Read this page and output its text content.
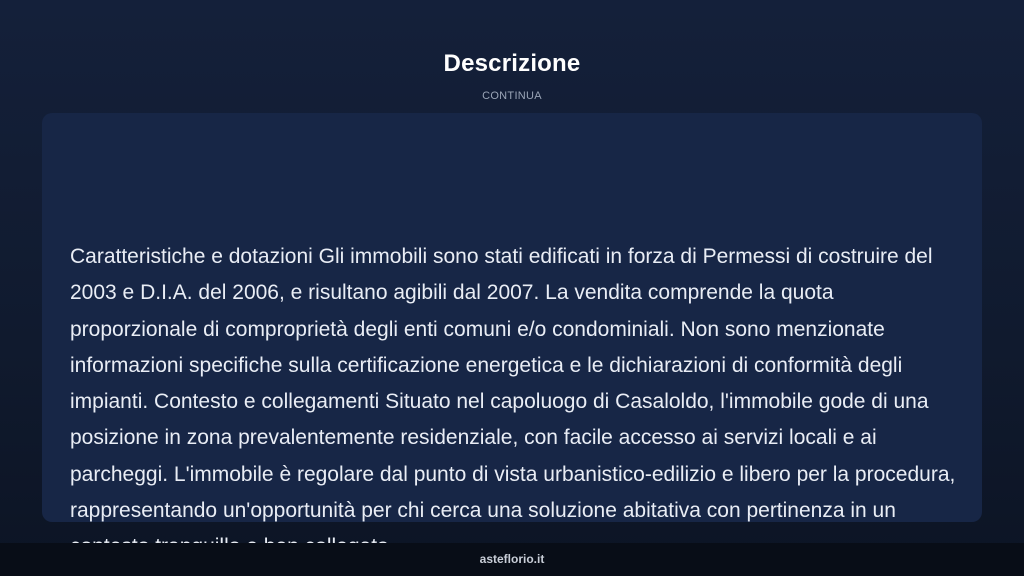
Descrizione
CONTINUA

Caratteristiche e dotazioni Gli immobili sono stati edificati in forza di Permessi di costruire del 2003 e D.I.A. del 2006, e risultano agibili dal 2007. La vendita comprende la quota proporzionale di comproprietà degli enti comuni e/o condominiali. Non sono menzionate informazioni specifiche sulla certificazione energetica e le dichiarazioni di conformità degli impianti. Contesto e collegamenti Situato nel capoluogo di Casaloldo, l'immobile gode di una posizione in zona prevalentemente residenziale, con facile accesso ai servizi locali e ai parcheggi. L'immobile è regolare dal punto di vista urbanistico-edilizio e libero per la procedura, rappresentando un'opportunità per chi cerca una soluzione abitativa con pertinenza in un

asteflorio.it
